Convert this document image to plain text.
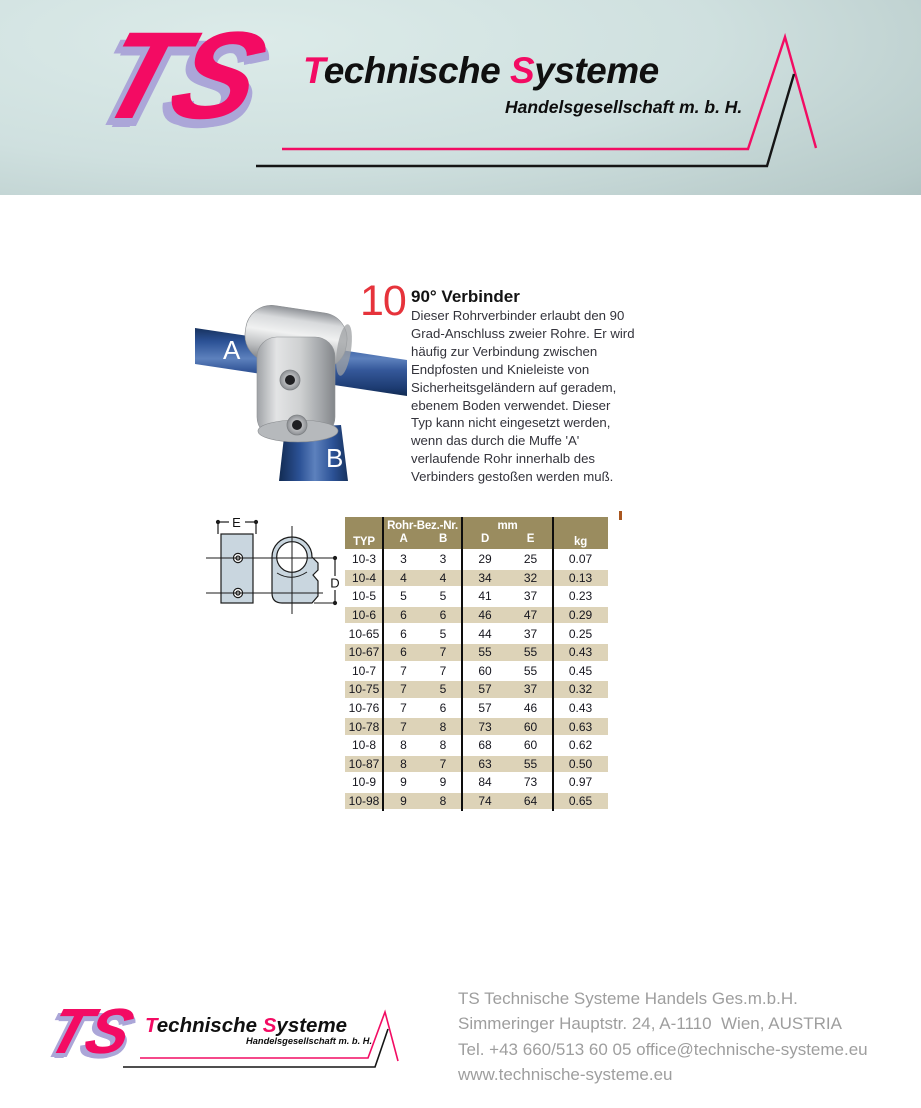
TS Technische Systeme
Handelsgesellschaft m. b. H.
A
B
10 90° Verbinder
Dieser Rohrverbinder erlaubt den 90 Grad-Anschluss zweier Rohre. Er wird häufig zur Verbindung zwischen Endpfosten und Knieleiste von Sicherheitsgeländern auf geradem, ebenem Boden verwendet. Dieser Typ kann nicht eingesetzt werden, wenn das durch die Muffe 'A' verlaufende Rohr innerhalb des Verbinders gestoßen werden muß.
E
D
TYP	Rohr-Bez.-Nr.		mm		kg
	A	B	D	E	
10-3	3	3	29	25	0.07
10-4	4	4	34	32	0.13
10-5	5	5	41	37	0.23
10-6	6	6	46	47	0.29
10-65	6	5	44	37	0.25
10-67	6	7	55	55	0.43
10-7	7	7	60	55	0.45
10-75	7	5	57	37	0.32
10-76	7	6	57	46	0.43
10-78	7	8	73	60	0.63
10-8	8	8	68	60	0.62
10-87	8	7	63	55	0.50
10-9	9	9	84	73	0.97
10-98	9	8	74	64	0.65
TS Technische Systeme
Handelsgesellschaft m. b. H.
TS Technische Systeme Handels Ges.m.b.H.
Simmeringer Hauptstr. 24, A-1110  Wien, AUSTRIA
Tel. +43 660/513 60 05 office@technische-systeme.eu
www.technische-systeme.eu
